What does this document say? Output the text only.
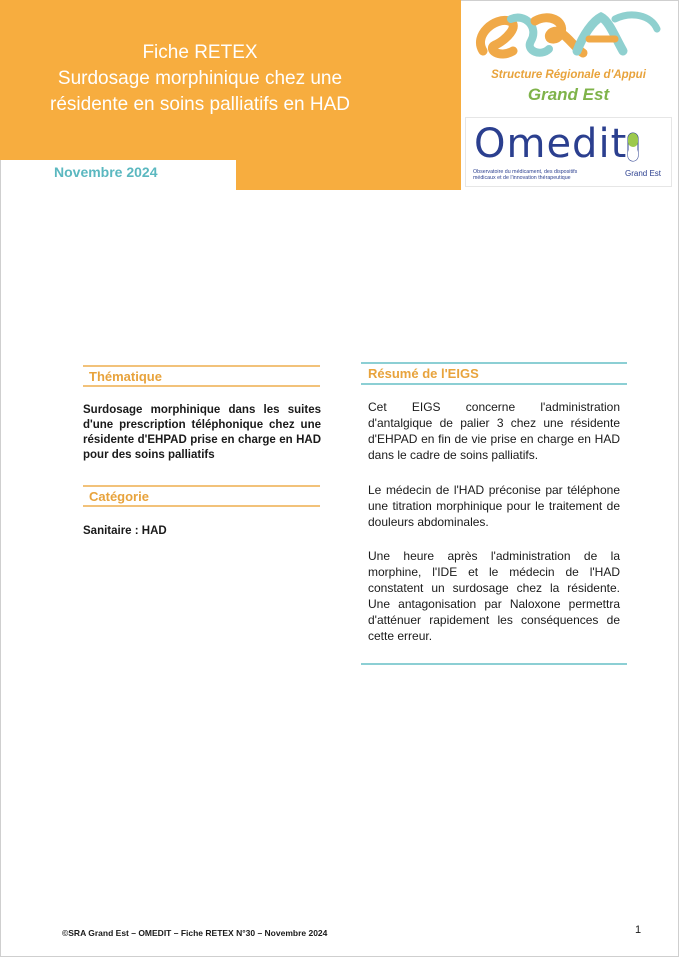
Fiche RETEX
Surdosage morphinique chez une
résidente en soins palliatifs en HAD
Novembre 2024
Structure Régionale d'Appui
Grand Est
Omedit
Observatoire du médicament, des dispositifs médicaux et de l'innovation thérapeutique	Grand Est
Thématique
Surdosage morphinique dans les suites d'une prescription téléphonique chez une résidente d'EHPAD prise en charge en HAD pour des soins palliatifs
Catégorie
Sanitaire : HAD
Résumé de l'EIGS
Cet EIGS concerne l'administration d'antalgique de palier 3 chez une résidente d'EHPAD en fin de vie prise en charge en HAD dans le cadre de soins palliatifs.
Le médecin de l'HAD préconise par téléphone une titration morphinique pour le traitement de douleurs abdominales.
Une heure après l'administration de la morphine, l'IDE et le médecin de l'HAD constatent un surdosage chez la résidente. Une antagonisation par Naloxone permettra d'atténuer rapidement les conséquences de cette erreur.
©SRA Grand Est – OMEDIT – Fiche RETEX N°30 – Novembre 2024	1
